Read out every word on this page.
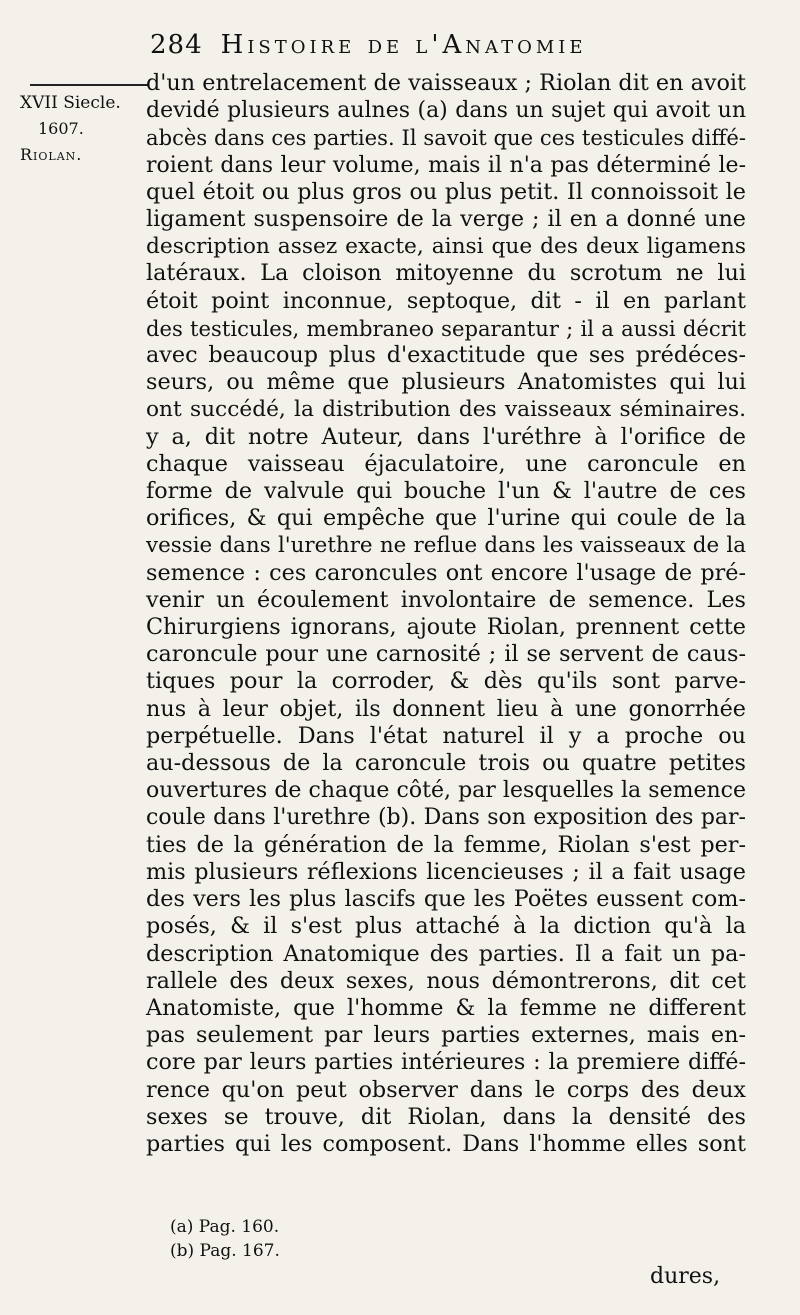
284 Histoire de l'Anatomie
XVII Siecle.
1607.
Riolan.
d'un entrelacement de vaisseaux ; Riolan dit en avoit
devidé plusieurs aulnes (a) dans un sujet qui avoit un
abcès dans ces parties. Il savoit que ces testicules diffé-
roient dans leur volume, mais il n'a pas déterminé le-
quel étoit ou plus gros ou plus petit. Il connoissoit le
ligament suspensoire de la verge ; il en a donné une
description assez exacte, ainsi que des deux ligamens
latéraux. La cloison mitoyenne du scrotum ne lui
étoit point inconnue, septoque, dit - il en parlant
des testicules, membraneo separantur ; il a aussi décrit
avec beaucoup plus d'exactitude que ses prédéces-
seurs, ou même que plusieurs Anatomistes qui lui
ont succédé, la distribution des vaisseaux séminaires.
y a, dit notre Auteur, dans l'uréthre à l'orifice de
chaque vaisseau éjaculatoire, une caroncule en
forme de valvule qui bouche l'un & l'autre de ces
orifices, & qui empêche que l'urine qui coule de la
vessie dans l'urethre ne reflue dans les vaisseaux de la
semence : ces caroncules ont encore l'usage de pré-
venir un écoulement involontaire de semence. Les
Chirurgiens ignorans, ajoute Riolan, prennent cette
caroncule pour une carnosité ; il se servent de caus-
tiques pour la corroder, & dès qu'ils sont parve-
nus à leur objet, ils donnent lieu à une gonorrhée
perpétuelle. Dans l'état naturel il y a proche ou
au-dessous de la caroncule trois ou quatre petites
ouvertures de chaque côté, par lesquelles la semence
coule dans l'urethre (b). Dans son exposition des par-
ties de la génération de la femme, Riolan s'est per-
mis plusieurs réflexions licencieuses ; il a fait usage
des vers les plus lascifs que les Poëtes eussent com-
posés, & il s'est plus attaché à la diction qu'à la
description Anatomique des parties. Il a fait un pa-
rallele des deux sexes, nous démontrerons, dit cet
Anatomiste, que l'homme & la femme ne different
pas seulement par leurs parties externes, mais en-
core par leurs parties intérieures : la premiere diffé-
rence qu'on peut observer dans le corps des deux
sexes se trouve, dit Riolan, dans la densité des
parties qui les composent. Dans l'homme elles sont
(a) Pag. 160.
(b) Pag. 167.
dures,
